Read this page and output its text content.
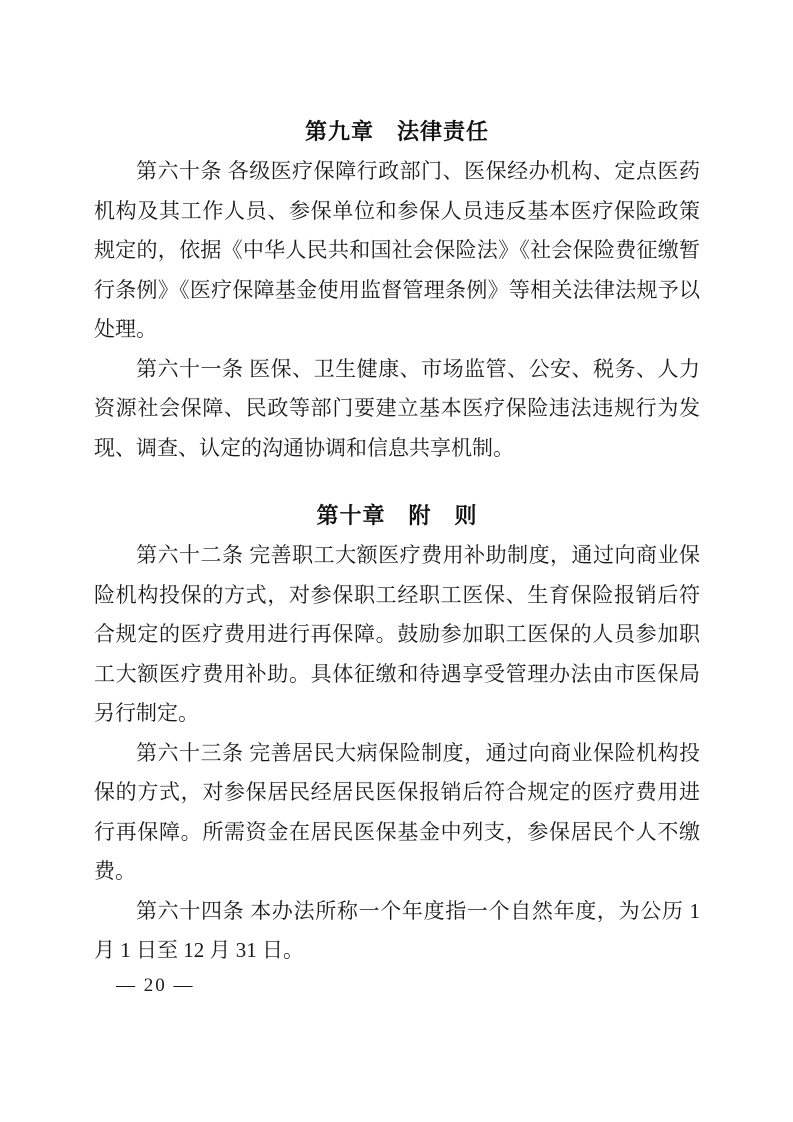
第九章　法律责任

第六十条 各级医疗保障行政部门、医保经办机构、定点医药机构及其工作人员、参保单位和参保人员违反基本医疗保险政策规定的，依据《中华人民共和国社会保险法》《社会保险费征缴暂行条例》《医疗保障基金使用监督管理条例》等相关法律法规予以处理。

第六十一条 医保、卫生健康、市场监管、公安、税务、人力资源社会保障、民政等部门要建立基本医疗保险违法违规行为发现、调查、认定的沟通协调和信息共享机制。

第十章　附　则

第六十二条 完善职工大额医疗费用补助制度，通过向商业保险机构投保的方式，对参保职工经职工医保、生育保险报销后符合规定的医疗费用进行再保障。鼓励参加职工医保的人员参加职工大额医疗费用补助。具体征缴和待遇享受管理办法由市医保局另行制定。

第六十三条 完善居民大病保险制度，通过向商业保险机构投保的方式，对参保居民经居民医保报销后符合规定的医疗费用进行再保障。所需资金在居民医保基金中列支，参保居民个人不缴费。

第六十四条 本办法所称一个年度指一个自然年度，为公历 1 月 1 日至 12 月 31 日。

— 20 —
